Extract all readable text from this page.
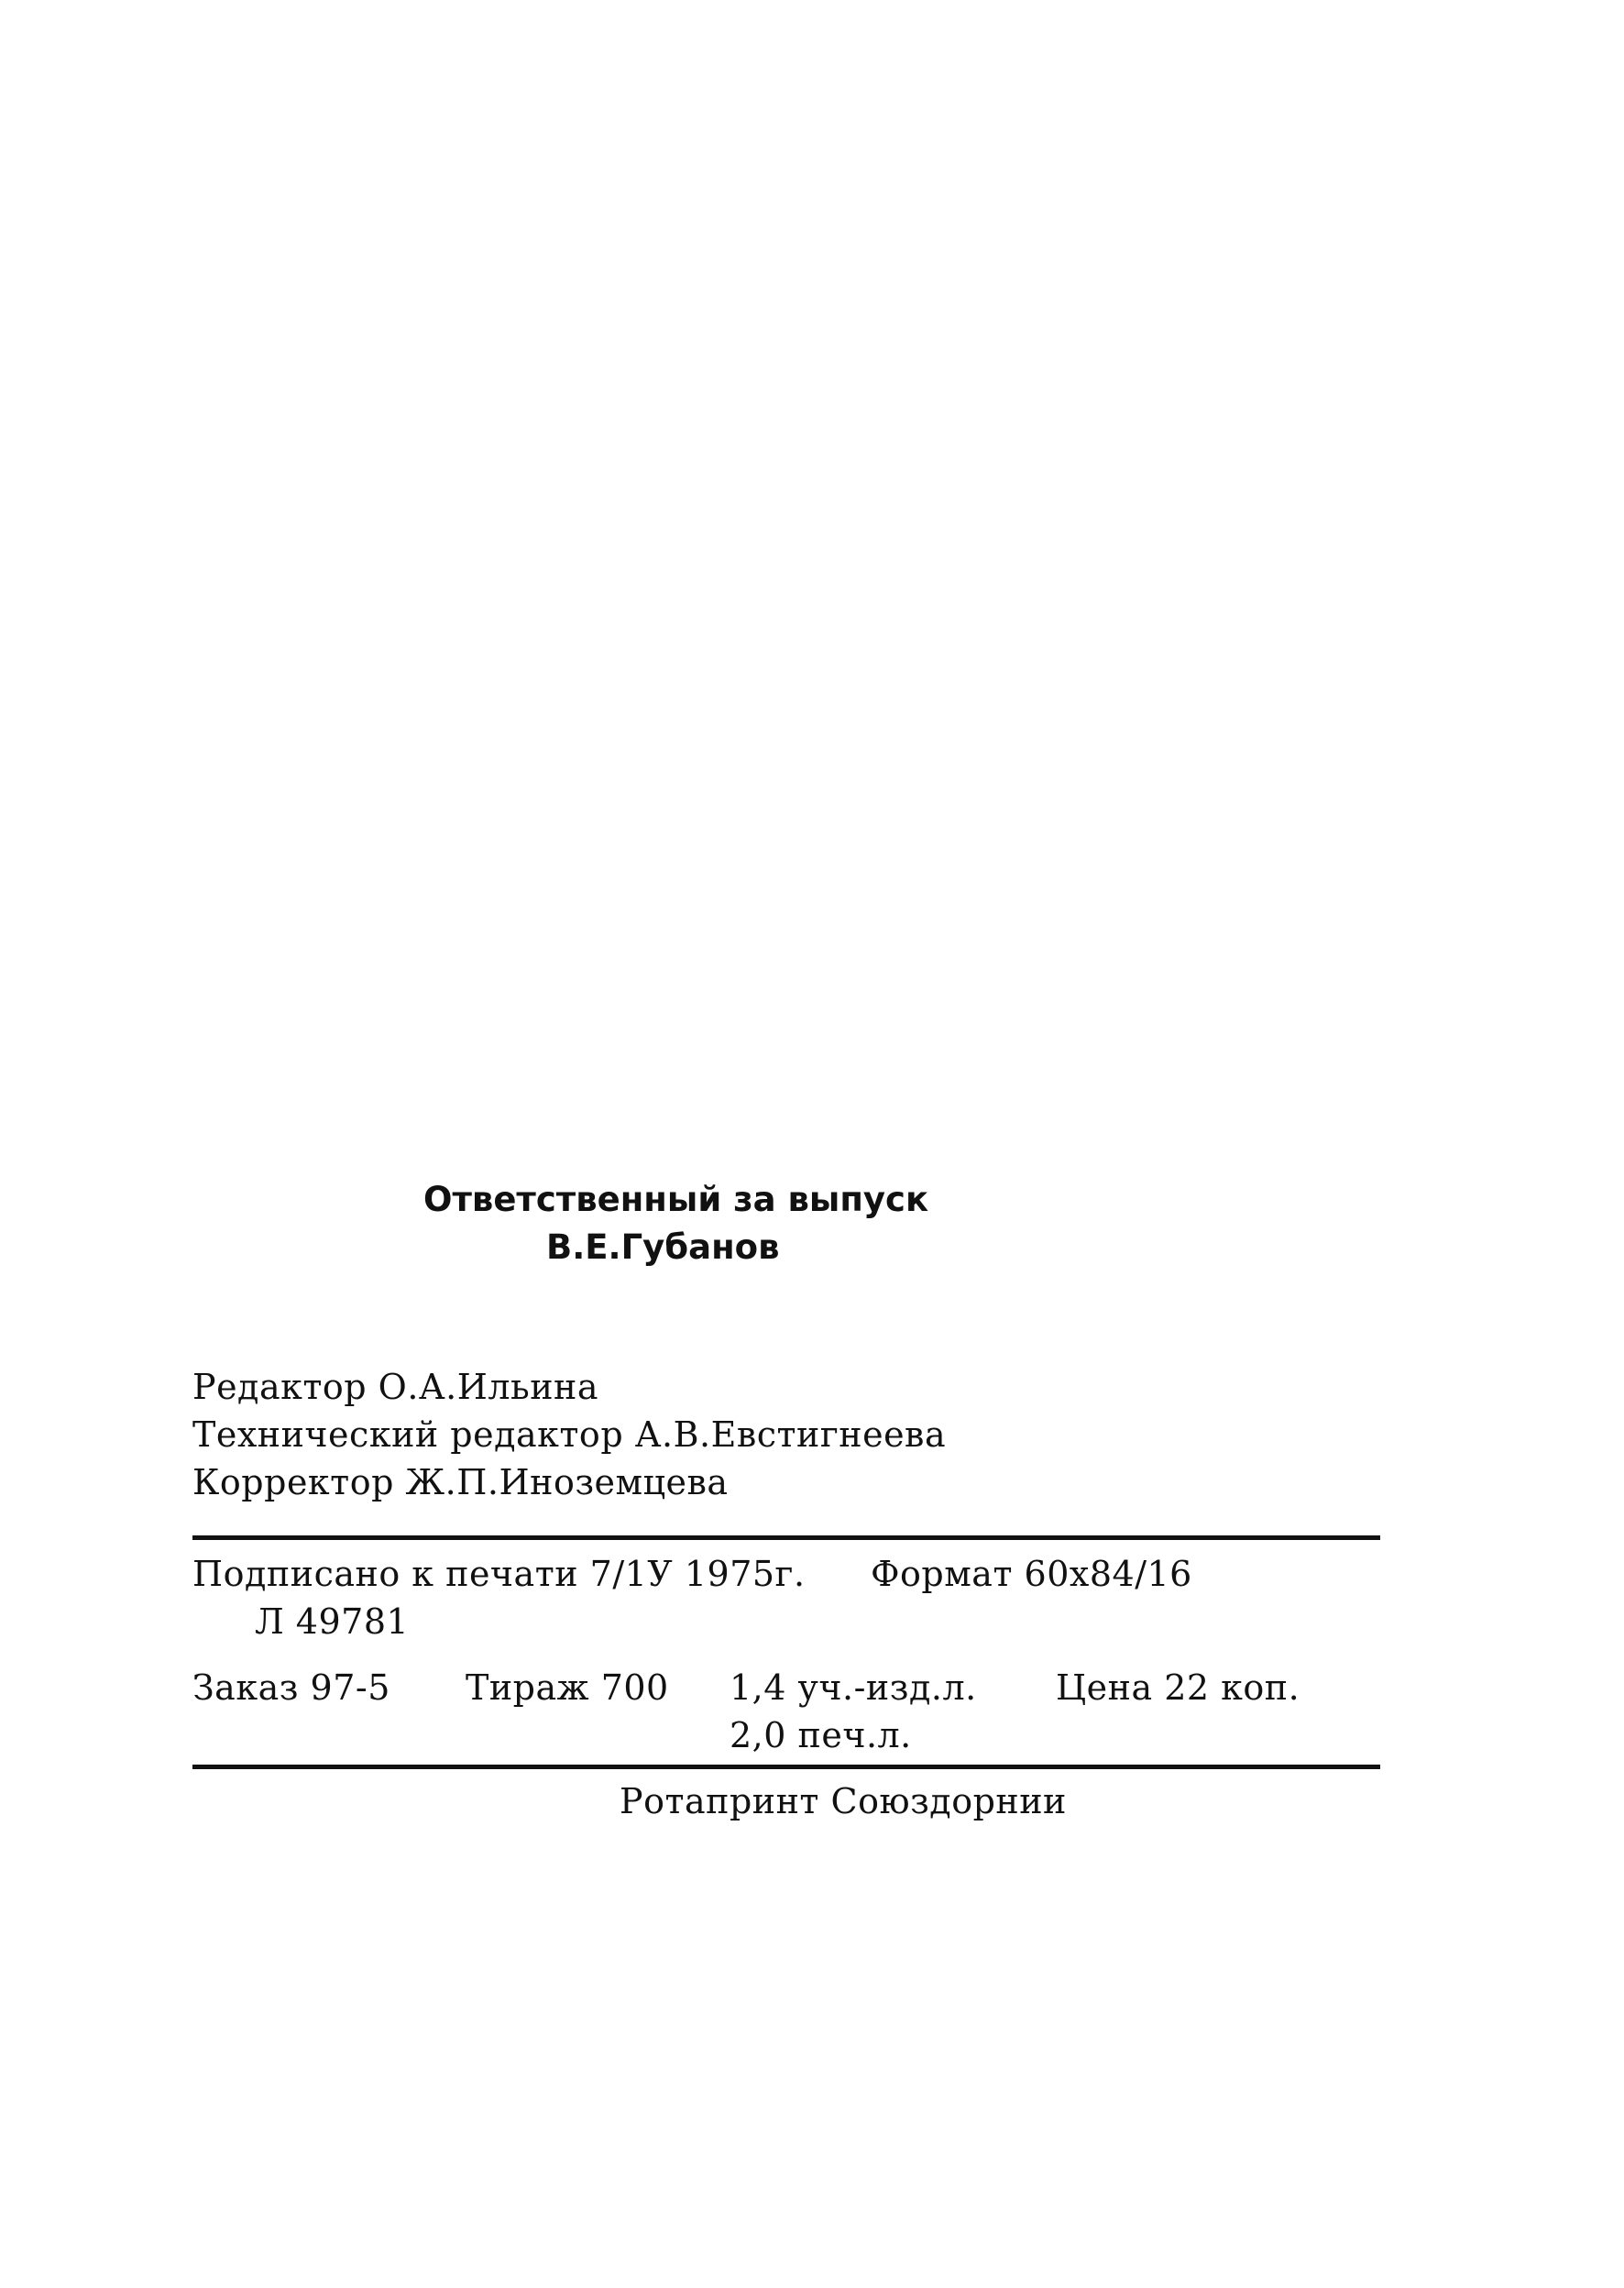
Ответственный за выпуск
В.Е.Губанов
Редактор О.А.Ильина
Технический редактор А.В.Евстигнеева
Корректор Ж.П.Иноземцева
Подписано к печати 7/1У 1975г. Формат 60х84/16
Л 49781
Заказ 97-5 Тираж 700 1,4 уч.-изд.л. Цена 22 коп.
2,0 печ.л.
Ротапринт Союздорнии
